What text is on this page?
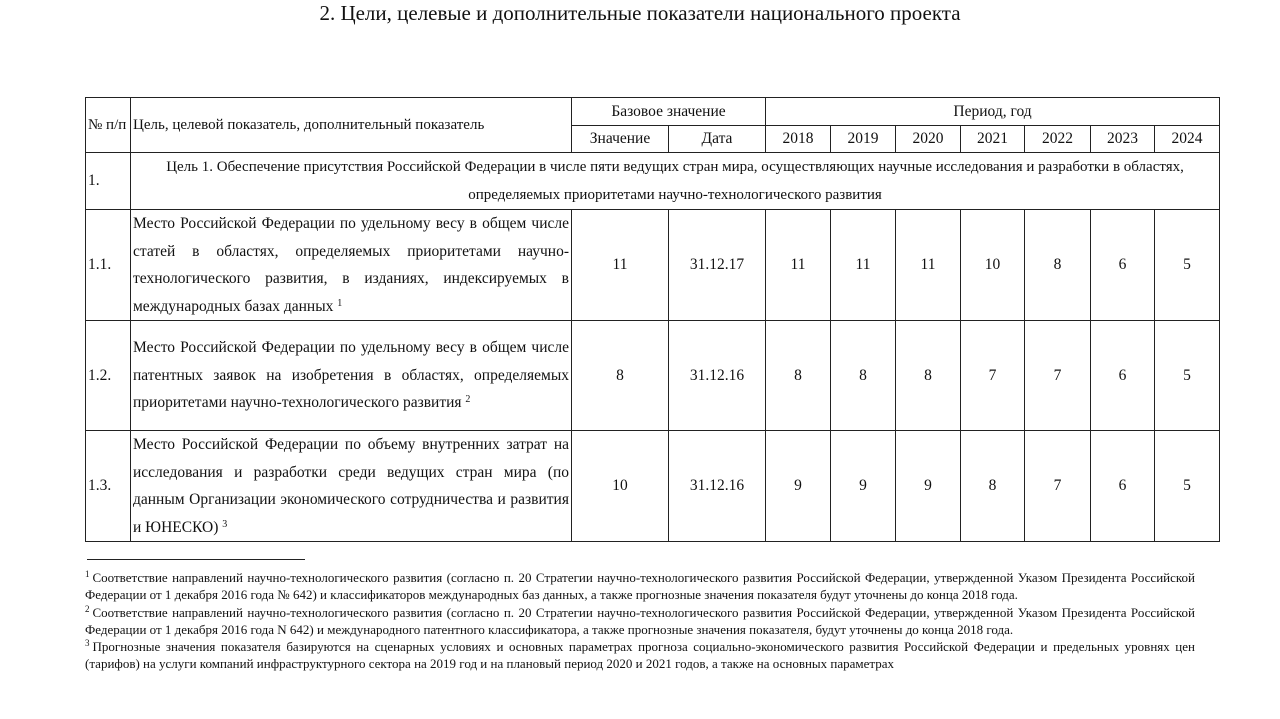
2. Цели, целевые и дополнительные показатели национального проекта
№ п/п	Цель, целевой показатель, дополнительный показатель	Базовое значение		Период, год						
		Значение	Дата	2018	2019	2020	2021	2022	2023	2024
1.	Цель 1. Обеспечение присутствия Российской Федерации в числе пяти ведущих стран мира, осуществляющих научные исследования и разработки в областях, определяемых приоритетами научно-технологического развития									
1.1.	Место Российской Федерации по удельному весу в общем числе статей в областях, определяемых приоритетами научно-технологического развития, в изданиях, индексируемых в международных базах данных $^1$	11	31.12.17	11	11	11	10	8	6	5
1.2.	Место Российской Федерации по удельному весу в общем числе патентных заявок на изобретения в областях, определяемых приоритетами научно-технологического развития $^2$	8	31.12.16	8	8	8	7	7	6	5
1.3.	Место Российской Федерации по объему внутренних затрат на исследования и разработки среди ведущих стран мира (по данным Организации экономического сотрудничества и развития и ЮНЕСКО) $^3$	10	31.12.16	9	9	9	8	7	6	5

$^1$ Соответствие направлений научно-технологического развития (согласно п. 20 Стратегии научно-технологического развития Российской Федерации, утвержденной Указом Президента Российской Федерации от 1 декабря 2016 года № 642) и классификаторов международных баз данных, а также прогнозные значения показателя будут уточнены до конца 2018 года.

$^2$ Соответствие направлений научно-технологического развития (согласно п. 20 Стратегии научно-технологического развития Российской Федерации, утвержденной Указом Президента Российской Федерации от 1 декабря 2016 года N 642) и международного патентного классификатора, а также прогнозные значения показателя, будут уточнены до конца 2018 года.

$^3$ Прогнозные значения показателя базируются на сценарных условиях и основных параметрах прогноза социально-экономического развития Российской Федерации и предельных уровнях цен (тарифов) на услуги компаний инфраструктурного сектора на 2019 год и на плановый период 2020 и 2021 годов, а также на основных параметрах
